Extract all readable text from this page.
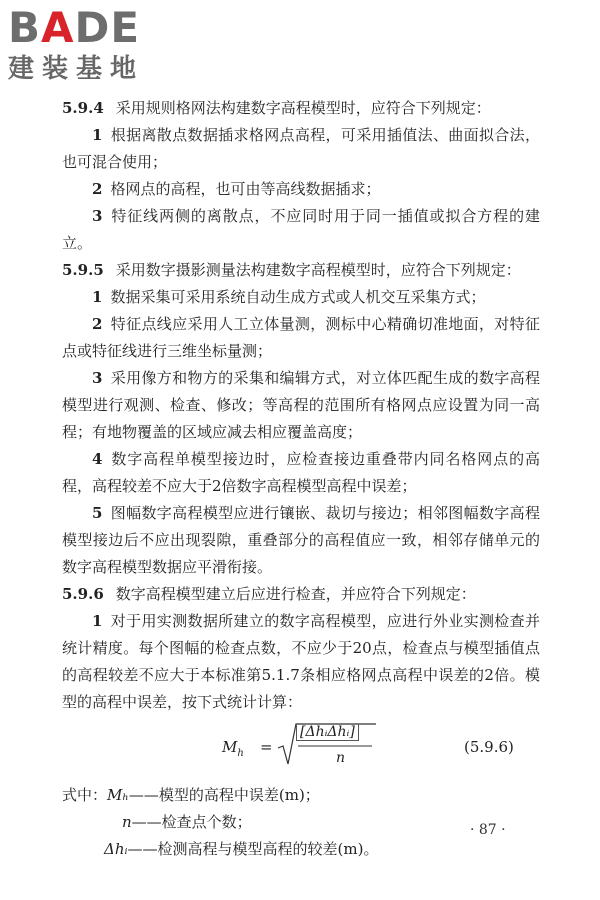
BADE
建装基地

5.9.4 采用规则格网法构建数字高程模型时，应符合下列规定：

1 根据离散点数据插求格网点高程，可采用插值法、曲面拟合法，也可混合使用；

2 格网点的高程，也可由等高线数据插求；

3 特征线两侧的离散点，不应同时用于同一插值或拟合方程的建立。

5.9.5 采用数字摄影测量法构建数字高程模型时，应符合下列规定：

1 数据采集可采用系统自动生成方式或人机交互采集方式；

2 特征点线应采用人工立体量测，测标中心精确切准地面，对特征点或特征线进行三维坐标量测；

3 采用像方和物方的采集和编辑方式，对立体匹配生成的数字高程模型进行观测、检查、修改；等高程的范围所有格网点应设置为同一高程；有地物覆盖的区域应减去相应覆盖高度；

4 数字高程单模型接边时，应检查接边重叠带内同名格网点的高程，高程较差不应大于2倍数字高程模型高程中误差；

5 图幅数字高程模型应进行镶嵌、裁切与接边；相邻图幅数字高程模型接边后不应出现裂隙，重叠部分的高程值应一致，相邻存储单元的数字高程模型数据应平滑衔接。

5.9.6 数字高程模型建立后应进行检查，并应符合下列规定：

1 对于用实测数据所建立的数字高程模型，应进行外业实测检查并统计精度。每个图幅的检查点数，不应少于20点，检查点与模型插值点的高程较差不应大于本标准第5.1.7条相应格网点高程中误差的2倍。模型的高程中误差，按下式统计计算：

$M_h$ =
[ΔhᵢΔhᵢ]
n
(5.9.6)
式中：Mₕ——模型的高程中误差(m)；
n——检查点个数；
Δhᵢ——检测高程与模型高程的较差(m)。
· 87 ·
